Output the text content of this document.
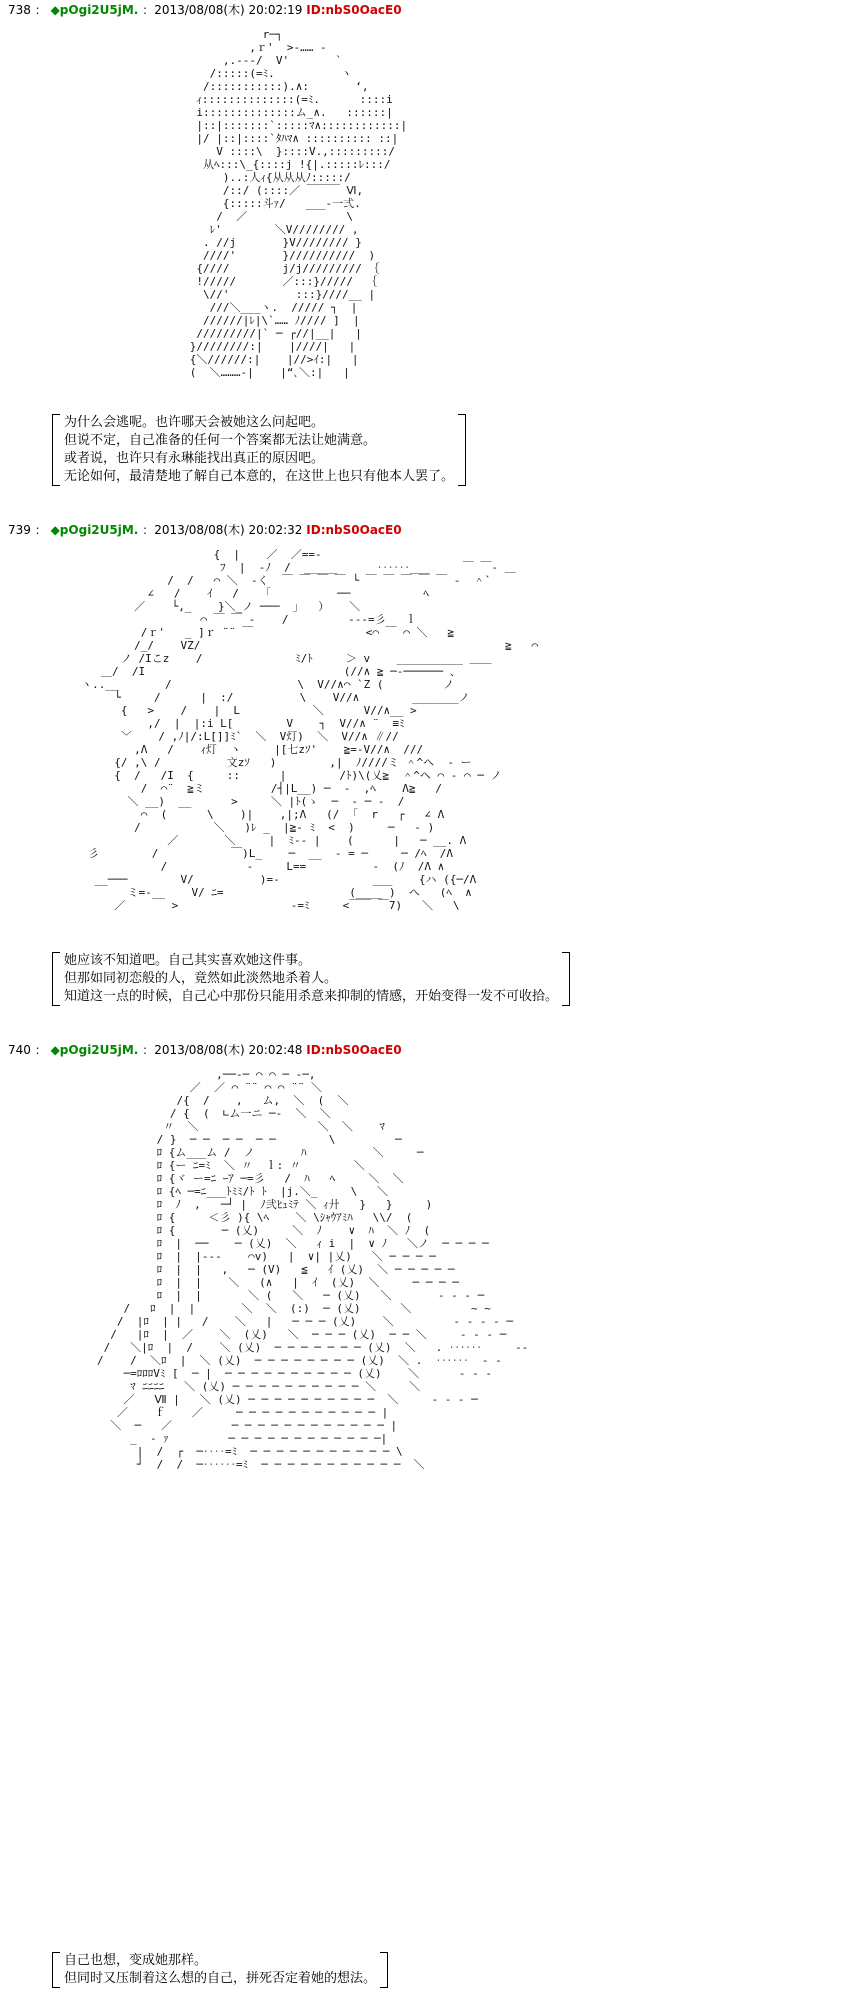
738 ： ◆pOgi2U5jM. ：2013/08/08(木) 20:02:19 ID:nbS0OacE0
r─┐
,ｒ'  >-…… ‐
,.--‐/  V'       `
/:::::(=ﾐ.          ヽ
/:::::::::::).∧:       ‘,
ｨ::::::::::::::(=ﾐ.      ::::i
i::::::::::::::ム_∧.   ::::::|
|::|:::::::`:::::ﾏ∧::::::::::::|
|/ |::|::::`ﾀﾊﾏ∧ :::::::::: ::|
V ::::\  }::::V.,:::::::::/
从ﾍ:::\_{::::j !{|.:::::ﾚ:::/
)..:人ｨ{从从从ﾉ:::::/
/::/ (::::／ ￣￣￣ Ⅵ,
{:::::斗ｧ/   ___‐一弍.
/  ／               \
ﾚ'        ＼V//////// ,
. //j       }V//////// }
////'       }//////////  )
{////        j/j///////// ｛
!/////       ／:::}/////  ｛
\//'          :::}////__ |
///＼___ヽ.  ///// ┐  |
//////|ﾚ|\`…… ﾉ//// ]  |
/////////|` ─ ┌//|__|   |
}////////:|    |////|   |
{＼//////:|    |//>ｲ:|   |
(  ＼………‐|    |“､＼:|   |
为什么会逃呢。也许哪天会被她这么问起吧。
但说不定，自己准备的任何一个答案都无法让她满意。
或者说，也许只有永琳能找出真正的原因吧。
无论如何，最清楚地了解自己本意的，在这世上也只有他本人罢了。
739 ： ◆pOgi2U5jM. ：2013/08/08(木) 20:02:32 ID:nbS0OacE0
{  |    ／  ／==‐
ﾌ  |  -ﾉ  /  _____      ‥‥‥___     ￣ ￣‐ ＿
/  /   ⌒ ＼  ‐く  ￣ ￣ ￣ ￣ └ ￣ ￣ ￣ ￣ ￣ ‐  ＾`
∠   /    ｲ   /    ｢          ──           ﾍ
／    └,_    }＼_ノ ───  ｣   ）   ＼
⌒ ￣ ￣ ‐    /         ‐‐‐=彡   ｌ
/ｒ'   _ ]ｒ ¨¨ ￣                 <⌒ ￣ ⌒ ＼   ≧
/_/    VZ/                                              ≧   ⌒
ノ /Ιこz    /              ﾐ/ﾄ     ＞ v    __________ ＿＿
＿/  /Ι                              (//∧ ≧ ─‐────── 、
ヽ..__       /                   \  V//∧⌒ `Z (         ノ
└     /      |  :/          \    V//∧        _______ノ
{   >    /    |  L           ＼      V//∧__ >
,/  |  |:i L[        V    ┐  V//∧ ¨  ≡ﾐ
﹀    / ,ﾉ|/:L[]]ﾐ`  ＼  V灯)  ＼  V//∧ ∥//
,Λ   /    ｨ灯  ヽ     |[七zｿ'    ≧=‐V//∧  ///
{/ ,\ /          文zｿ   )        ,|  ﾉ////ミ ＾^ヘ  ‐ ー
{  /   /Ι  {     ::      |        /ﾄ)\(乂≧  ＾^ヘ ⌒ ‐ ⌒ ─ ノ
/  ⌒¨  ≧ミ          /┤|L__) ─  ‐  ,ﾍ    Λ≧   /
＼ __)  __      >     ＼ |ﾄ(ゝ  ─  ‐ ─ ‐  /
⌒  (      \    )|    ,|;Λ   (/  ｢  r   ┌   ∠ Λ
/           ＼   )ﾚ _  |≧‐ ﾐ  <  )     ─   ‐ )
／       ＼     |  ﾐ‐‐ |    (      |   ─ __. Λ
彡        /           ￣)L_    ─  __  ‐ = ─     ─ /ﾍ  /Λ
/            ‐     L==          ‐  (ﾉ  /Λ ∧
__───        V/          )=‐              ___    {ハ ({─/Λ
ミ=‐__    V/ ﾆ=                   (____ )  ヘ   (ﾍ  ∧
／       >                 ‐=ﾐ     <￣￣ ￣7)   ＼   \
她应该不知道吧。自己其实喜欢她这件事。
但那如同初恋般的人，竟然如此淡然地杀着人。
知道这一点的时候，自己心中那份只能用杀意来抑制的情感，开始变得一发不可收拾。
740 ： ◆pOgi2U5jM. ：2013/08/08(木) 20:02:48 ID:nbS0OacE0
,──‐─ ⌒ ⌒ ─ ‐─,
／  ／ ⌒ ¨¨ ⌒ ⌒ ¨¨ ＼
/{  /    ,   ム,  ＼  (  ＼
/ {  (  ∟ム一ニ ─‐  ＼  ＼
〃  ＼                  ＼  ＼    ﾏ
/ }  ─ ─  ─ ─  ─ ─        \         ─
ﾛ {ム___ム /  ノ       ﾊ          ＼     ─
ﾛ {ー ﾆ=ﾐ  ＼ 〃  ｌ: 〃        ＼
ﾛ {ヾ ー=ﾆ ｰｱ ─=彡   /  ﾊ   ﾍ     ＼  ＼
ﾛ {ﾍ ─=ﾆ___ﾄﾐﾐ/ﾄ ﾄ  |j.＼_     \   ＼
ﾛ  ﾉ  ,   ─┘ |  ﾉ弐ﾋｭﾐﾃ ＼ ｨ廾   }   }     )
ﾛ {     ＜彡 ){ \ﾍ    ＼ \ｼｬｳｱﾐﾊ   \\/  (
ﾛ {       ─ (乂)     ＼  ﾉ    ∨  ﾊ  ＼ ﾉ  (
ﾛ  |  ──    ─ (乂)  ＼   ｨ i  |  ∨ ﾉ   ＼ノ  ─ ─ ─ ─
ﾛ  |  |‐‐‐    ⌒v)   |  ∨| |乂)   ＼ ─ ─ ─ ─
ﾛ  |  |   ,   ─ (V)   ≦   ｲ (乂)  ＼ ─ ─ ─ ─ ─
ﾛ  |  |    ＼   (∧   |  ｲ  (乂)  ＼     ─ ─ ─ ─
ﾛ  |  |       ＼ (   ＼   ─ (乂)   ＼       ‐ ‐ ‐ ─
/   ﾛ  |  |       ＼  ＼  (:)  ─ (乂)      ＼         ~ ~
/  |ﾛ  | |   /    ＼   |   ─ ─ ─ (乂)    ＼         ‐ ‐ ‐ ‐ ─
/   |ﾛ  |  ／    ＼  (乂)   ＼  ─ ─ ─ (乂)  ─ ─ ＼     ‐ ‐ ‐ ─
/   ＼|ﾛ  |  /    ＼ (乂)  ─ ─ ─ ─ ─ ─ ─ (乂)  ＼   . ‥‥‥     ‐‐
/    /  ＼ﾛ  |  ＼ (乂)  ─ ─ ─ ─ ─ ─ ─ ─ (乂)  ＼ .  ‥‥‥  ‐ ‐
─=ﾛﾛﾛVﾐ [  ─ |  ─ ─ ─ ─ ─ ─ ─ ─ ─ ─ (乂)    ＼      ‐ ‐ ‐
ﾏ ﾆﾆﾆﾆ   ＼ (乂) ─ ─ ─ ─ ─ ─ ─ ─ ─ ─ ＼     ＼
／   Ⅶ |   ＼ (乂) ─ ─ ─ ─ ─ ─ ─ ─ ─ ─  ＼     ‐ ‐ ‐ ─
／    ｆ    ／     ─ ─ ─ ─ ─ ─ ─ ─ ─ ─ ─ |
＼  ─   ／         ─ ─ ─ ─ ─ ─ ─ ─ ─ ─ ─ ─ |
_  ‐ ｧ         ─ ─ ─ ─ ─ ─ ─ ─ ─ ─ ─ ─|
|  /  ┌  ─‥‥=ﾐ  ─ ─ ─ ─ ─ ─ ─ ─ ─ ─ ─ \
┘  /  /  ─‥‥‥=ﾐ  ─ ─ ─ ─ ─ ─ ─ ─ ─ ─ ─  ＼
自己也想，变成她那样。
但同时又压制着这么想的自己，拼死否定着她的想法。
